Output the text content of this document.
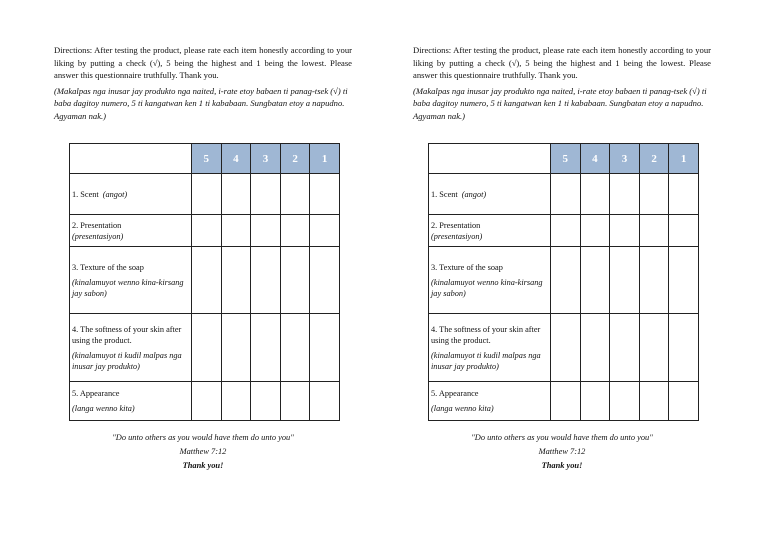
Directions: After testing the product, please rate each item honestly according to your liking by putting a check (√), 5 being the highest and 1 being the lowest. Please answer this questionnaire truthfully. Thank you.

(Makalpas nga inusar jay produkto nga naited, i-rate etoy babaen ti panag-tsek (√) ti baba dagitoy numero, 5 ti kangatwan ken 1 ti kababaan. Sungbatan etoy a napudno. Agyaman nak.)

	5	4	3	2	1
1. Scent (angot)					
2. Presentation
(presentasiyon)					

3. Texture of the soap
(kinalamuyot wenno kina-kirsang jay sabon)					

4. The softness of your skin after using the product.
(kinalamuyot ti kudil malpas nga inusar jay produkto)					

5. Appearance
(langa wenno kita)					

"Do unto others as you would have them do unto you"
Matthew 7:12
Thank you!

Directions: After testing the product, please rate each item honestly according to your liking by putting a check (√), 5 being the highest and 1 being the lowest. Please answer this questionnaire truthfully. Thank you.

(Makalpas nga inusar jay produkto nga naited, i-rate etoy babaen ti panag-tsek (√) ti baba dagitoy numero, 5 ti kangatwan ken 1 ti kababaan. Sungbatan etoy a napudno. Agyaman nak.)

	5	4	3	2	1
1. Scent (angot)					
2. Presentation
(presentasiyon)					

3. Texture of the soap
(kinalamuyot wenno kina-kirsang jay sabon)					

4. The softness of your skin after using the product.
(kinalamuyot ti kudil malpas nga inusar jay produkto)					

5. Appearance
(langa wenno kita)					

"Do unto others as you would have them do unto you"
Matthew 7:12
Thank you!
